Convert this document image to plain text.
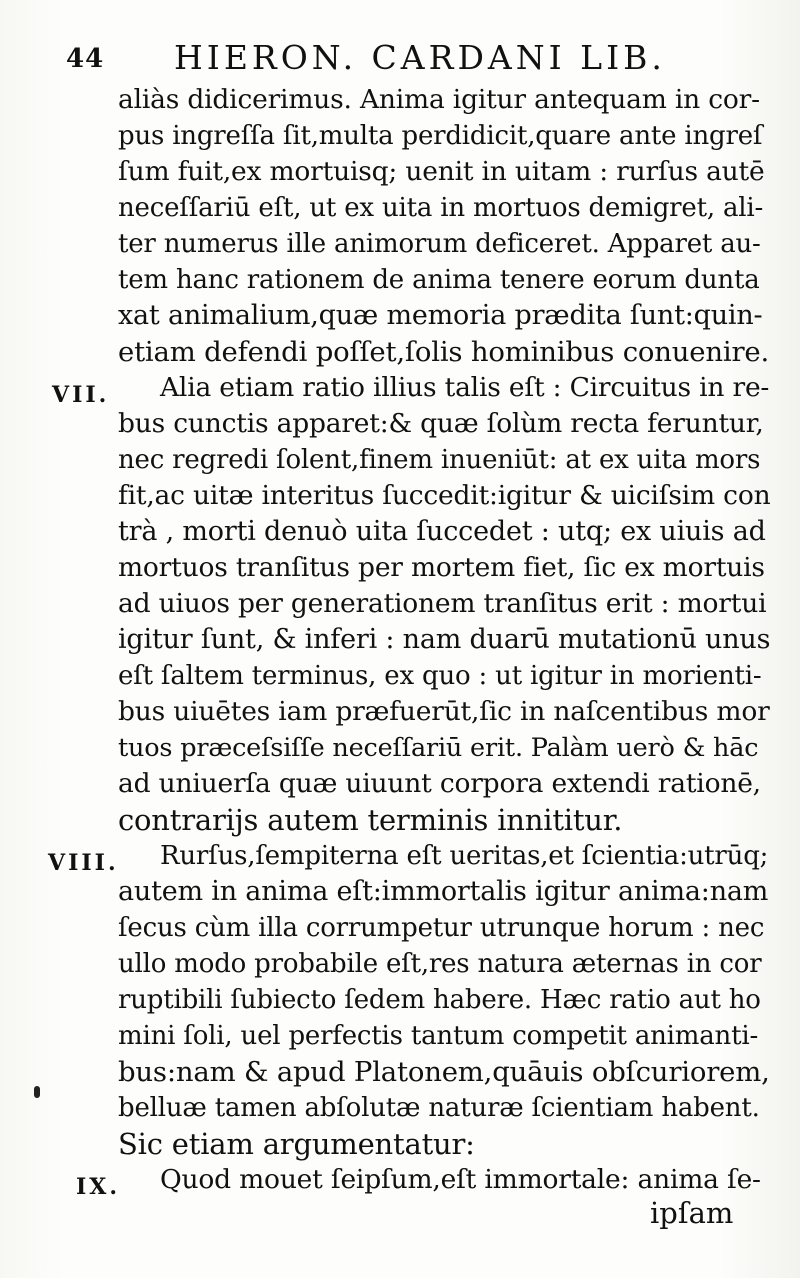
44 HIERON. CARDANI LIB.
aliàs didicerimus. Anima igitur antequam in cor-
pus ingreſſa ſit,multa perdidicit,quare ante ingreſ
ſum fuit,ex mortuisq; uenit in uitam : rurſus autē
neceſſariū eſt, ut ex uita in mortuos demigret, ali-
ter numerus ille animorum deficeret. Apparet au-
tem hanc rationem de anima tenere eorum dunta
xat animalium,quæ memoria prædita ſunt:quin-
etiam defendi poſſet,ſolis hominibus conuenire.
VII. Alia etiam ratio illius talis eſt : Circuitus in re-
bus cunctis apparet:& quæ ſolùm recta feruntur,
nec regredi ſolent,finem inueniūt: at ex uita mors
fit,ac uitæ interitus ſuccedit:igitur & uiciſsim con
trà , morti denuò uita ſuccedet : utq; ex uiuis ad
mortuos tranſitus per mortem fiet, ſic ex mortuis
ad uiuos per generationem tranſitus erit : mortui
igitur ſunt, & inferi : nam duarū mutationū unus
eſt ſaltem terminus, ex quo : ut igitur in morienti-
bus uiuētes iam præfuerūt,ſic in naſcentibus mor
tuos præceſsiſſe neceſſariū erit. Palàm uerò & hāc
ad uniuerſa quæ uiuunt corpora extendi rationē,
contrarijs autem terminis innititur.
VIII. Rurſus,ſempiterna eſt ueritas,et ſcientia:utrūq;
autem in anima eſt:immortalis igitur anima:nam
ſecus cùm illa corrumpetur utrunque horum : nec
ullo modo probabile eſt,res natura æternas in cor
ruptibili ſubiecto ſedem habere. Hæc ratio aut ho
mini ſoli, uel perfectis tantum competit animanti-
bus:nam & apud Platonem,quāuis obſcuriorem,
belluæ tamen abſolutæ naturæ ſcientiam habent.
Sic etiam argumentatur:
IX. Quod mouet ſeipſum,eſt immortale: anima ſe-
ipſam
